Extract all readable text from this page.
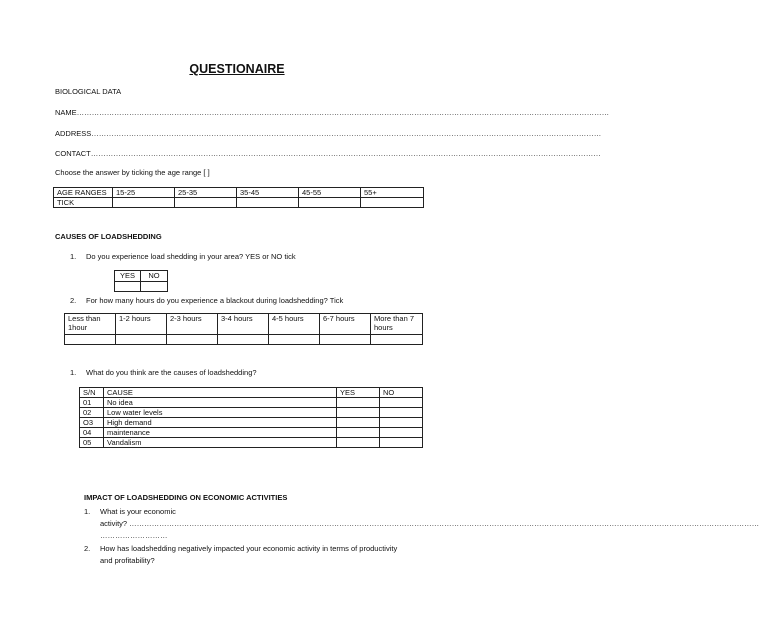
QUESTIONAIRE
BIOLOGICAL DATA
NAME……………………………………………………………………………………………………………………………………………………………………………………………
ADDRESS……………………………………………………………………………………………………………………………………………………………………………………
CONTACT……………………………………………………………………………………………………………………………………………………………………………………
Choose the answer by ticking the age range [ ]
AGE RANGES	15-25	25-35	35-45	45-55	55+
TICK					
CAUSES OF LOADSHEDDING
1. Do you experience load shedding in your area? YES or NO tick
YES	NO

2. For how many hours do you experience a blackout during loadshedding? Tick
Less than 1hour	1-2 hours	2-3 hours	3-4 hours	4-5 hours	6-7 hours	More than 7 hours

1. What do you think are the causes of loadshedding?
S/N	CAUSE	YES	NO
01	No idea		
02	Low water levels		
O3	High demand		
04	maintenance		
05	Vandalism		
IMPACT OF LOADSHEDDING ON ECONOMIC ACTIVITIES
1. What is your economic
activity? ………………………………………………………………………………………………………………………………………………………………………………………………………………………………
………………………
2. How has loadshedding negatively impacted your economic activity in terms of productivity
and profitability?
